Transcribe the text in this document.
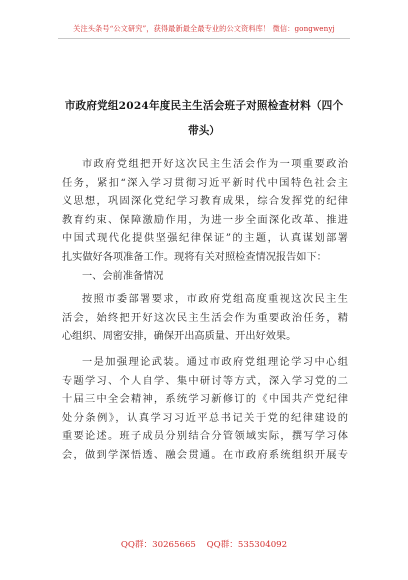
关注头条号“公文研究”，获得最新最全最专业的公文资料库！ 微信：gongwenyj
市政府党组2024年度民主生活会班子对照检查材料（四个
带头）
市政府党组把开好这次民主生活会作为一项重要政治
任务，紧扣“深入学习贯彻习近平新时代中国特色社会主
义思想，巩固深化党纪学习教育成果，综合发挥党的纪律
教育约束、保障激励作用，为进一步全面深化改革、推进
中国式现代化提供坚强纪律保证”的主题，认真谋划部署
扎实做好各项准备工作。现将有关对照检查情况报告如下：
一、会前准备情况
按照市委部署要求，市政府党组高度重视这次民主生
活会，始终把开好这次民主生活会作为重要政治任务，精
心组织、周密安排，确保开出高质量、开出好效果。
一是加强理论武装。通过市政府党组理论学习中心组
专题学习、个人自学、集中研讨等方式，深入学习党的二
十届三中全会精神，系统学习新修订的《中国共产党纪律
处分条例》，认真学习习近平总书记关于党的纪律建设的
重要论述。班子成员分别结合分管领域实际，撰写学习体
会，做到学深悟透、融会贯通。在市政府系统组织开展专
QQ群：30265665 QQ群：535304092
